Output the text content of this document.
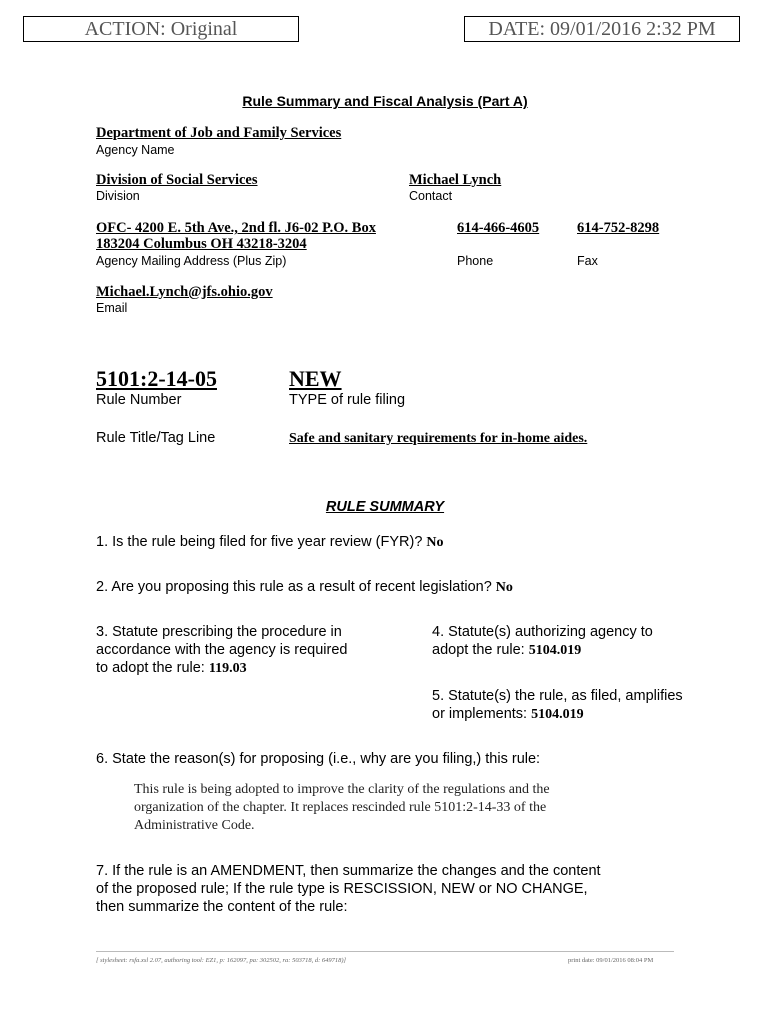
ACTION: Original	DATE: 09/01/2016 2:32 PM
Rule Summary and Fiscal Analysis (Part A)
Department of Job and Family Services
Agency Name
Division of Social Services
Division
Michael Lynch
Contact
OFC- 4200 E. 5th Ave., 2nd fl. J6-02 P.O. Box
183204 Columbus OH 43218-3204
Agency Mailing Address (Plus Zip)
614-466-4605
Phone
614-752-8298
Fax
Michael.Lynch@jfs.ohio.gov
Email
5101:2-14-05
Rule Number
NEW
TYPE of rule filing
Rule Title/Tag Line	Safe and sanitary requirements for in-home aides.
RULE SUMMARY
1. Is the rule being filed for five year review (FYR)? No
2. Are you proposing this rule as a result of recent legislation? No
3. Statute prescribing the procedure in
accordance with the agency is required
to adopt the rule: 119.03
4. Statute(s) authorizing agency to
adopt the rule: 5104.019
5. Statute(s) the rule, as filed, amplifies
or implements: 5104.019
6. State the reason(s) for proposing (i.e., why are you filing,) this rule:
This rule is being adopted to improve the clarity of the regulations and the
organization of the chapter. It replaces rescinded rule 5101:2-14-33 of the
Administrative Code.
7. If the rule is an AMENDMENT, then summarize the changes and the content
of the proposed rule; If the rule type is RESCISSION, NEW or NO CHANGE,
then summarize the content of the rule:
[ stylesheet: rsfa.xsl 2.07, authoring tool: EZ1, p: 162097, pa: 302502, ra: 503718, d: 649718)]	print date: 09/01/2016 08:04 PM
